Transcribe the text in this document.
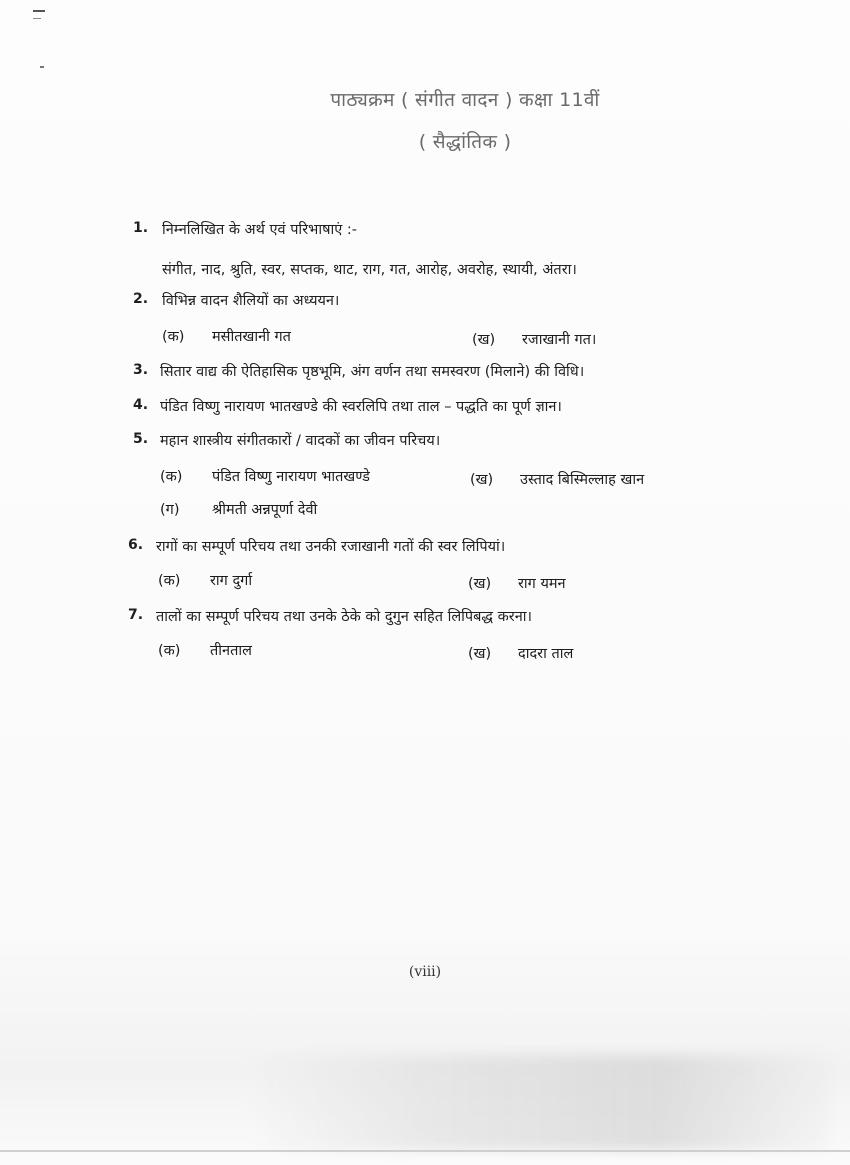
पाठ्यक्रम ( संगीत वादन ) कक्षा 11वीं
( सैद्धांतिक )
1. निम्नलिखित के अर्थ एवं परिभाषाएं :-
संगीत, नाद, श्रुति, स्वर, सप्तक, थाट, राग, गत, आरोह, अवरोह, स्थायी, अंतरा।
2. विभिन्न वादन शैलियों का अध्ययन।
(क) मसीतखानी गत	(ख) रजाखानी गत।
3. सितार वाद्य की ऐतिहासिक पृष्ठभूमि, अंग वर्णन तथा समस्वरण (मिलाने) की विधि।
4. पंडित विष्णु नारायण भातखण्डे की स्वरलिपि तथा ताल – पद्धति का पूर्ण ज्ञान।
5. महान शास्त्रीय संगीतकारों / वादकों का जीवन परिचय।
(क) पंडित विष्णु नारायण भातखण्डे	(ख) उस्ताद बिस्मिल्लाह खान
(ग) श्रीमती अन्नपूर्णा देवी
6. रागों का सम्पूर्ण परिचय तथा उनकी रजाखानी गतों की स्वर लिपियां।
(क) राग दुर्गा	(ख) राग यमन
7. तालों का सम्पूर्ण परिचय तथा उनके ठेके को दुगुन सहित लिपिबद्ध करना।
(क) तीनताल	(ख) दादरा ताल
(viii)
